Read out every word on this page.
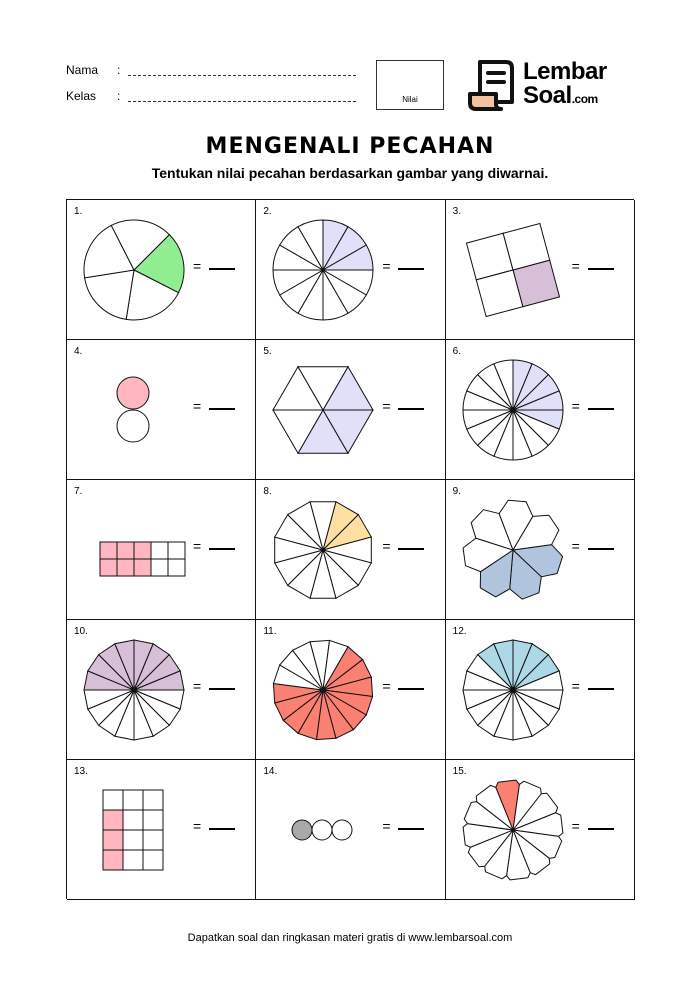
Nama :
Kelas :	Nilai
Lembar
Soal.com
MENGENALI PECAHAN
Tentukan nilai pecahan berdasarkan gambar yang diwarnai.
1.
=
2.
=
3.
=
4.
=
5.
=
6.
=
7.
=
8.
=
9.
=
10.
=
11.
=
12.
=
13.
=
14.
=
15.
=
Dapatkan soal dan ringkasan materi gratis di www.lembarsoal.com
